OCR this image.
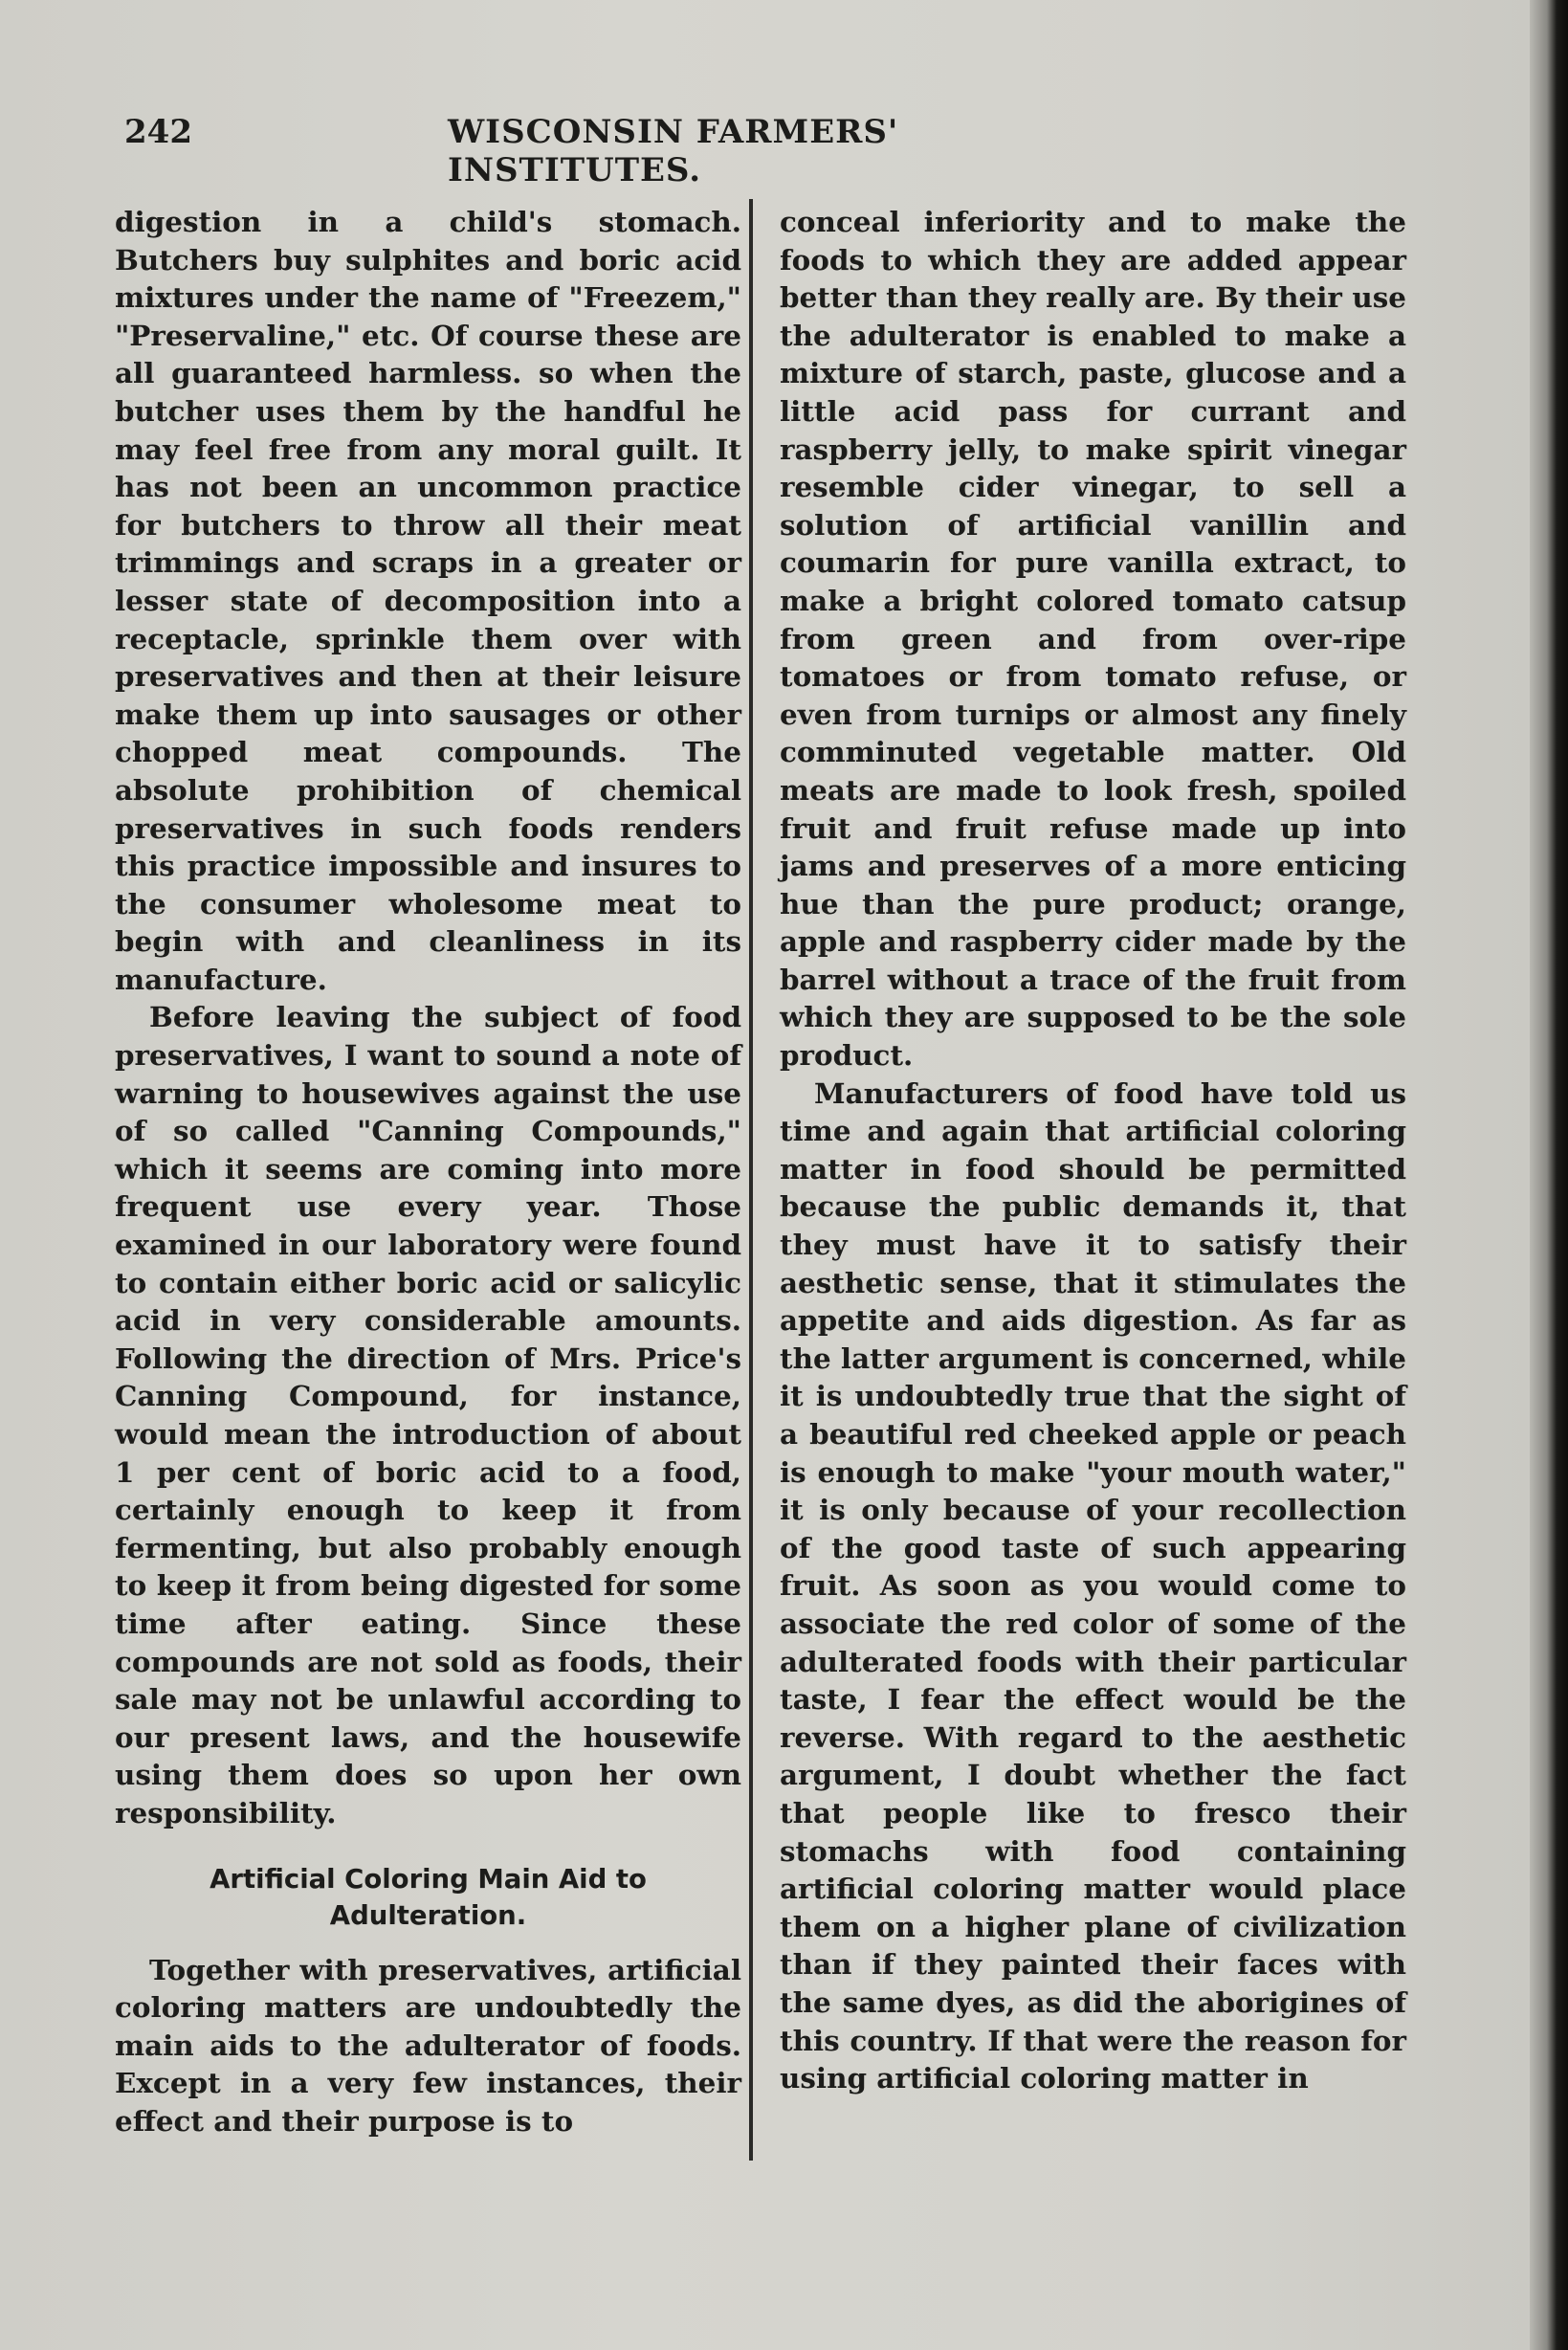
242	WISCONSIN FARMERS' INSTITUTES.

digestion in a child's stomach. Butchers buy sulphites and boric acid mixtures under the name of "Freezem," "Preservaline," etc. Of course these are all guaranteed harmless. so when the butcher uses them by the handful he may feel free from any moral guilt. It has not been an uncommon practice for butchers to throw all their meat trimmings and scraps in a greater or lesser state of decomposition into a receptacle, sprinkle them over with preservatives and then at their leisure make them up into sausages or other chopped meat compounds. The absolute prohibition of chemical preservatives in such foods renders this practice impossible and insures to the consumer wholesome meat to begin with and cleanliness in its manufacture.

Before leaving the subject of food preservatives, I want to sound a note of warning to housewives against the use of so called "Canning Compounds," which it seems are coming into more frequent use every year. Those examined in our laboratory were found to contain either boric acid or salicylic acid in very considerable amounts. Following the direction of Mrs. Price's Canning Compound, for instance, would mean the introduction of about 1 per cent of boric acid to a food, certainly enough to keep it from fermenting, but also probably enough to keep it from being digested for some time after eating. Since these compounds are not sold as foods, their sale may not be unlawful according to our present laws, and the housewife using them does so upon her own responsibility.

Artificial Coloring Main Aid to Adulteration.

Together with preservatives, artificial coloring matters are undoubtedly the main aids to the adulterator of foods. Except in a very few instances, their effect and their purpose is to

conceal inferiority and to make the foods to which they are added appear better than they really are. By their use the adulterator is enabled to make a mixture of starch, paste, glucose and a little acid pass for currant and raspberry jelly, to make spirit vinegar resemble cider vinegar, to sell a solution of artificial vanillin and coumarin for pure vanilla extract, to make a bright colored tomato catsup from green and from over-ripe tomatoes or from tomato refuse, or even from turnips or almost any finely comminuted vegetable matter. Old meats are made to look fresh, spoiled fruit and fruit refuse made up into jams and preserves of a more enticing hue than the pure product; orange, apple and raspberry cider made by the barrel without a trace of the fruit from which they are supposed to be the sole product.

Manufacturers of food have told us time and again that artificial coloring matter in food should be permitted because the public demands it, that they must have it to satisfy their aesthetic sense, that it stimulates the appetite and aids digestion. As far as the latter argument is concerned, while it is undoubtedly true that the sight of a beautiful red cheeked apple or peach is enough to make "your mouth water," it is only because of your recollection of the good taste of such appearing fruit. As soon as you would come to associate the red color of some of the adulterated foods with their particular taste, I fear the effect would be the reverse. With regard to the aesthetic argument, I doubt whether the fact that people like to fresco their stomachs with food containing artificial coloring matter would place them on a higher plane of civilization than if they painted their faces with the same dyes, as did the aborigines of this country. If that were the reason for using artificial coloring matter in
